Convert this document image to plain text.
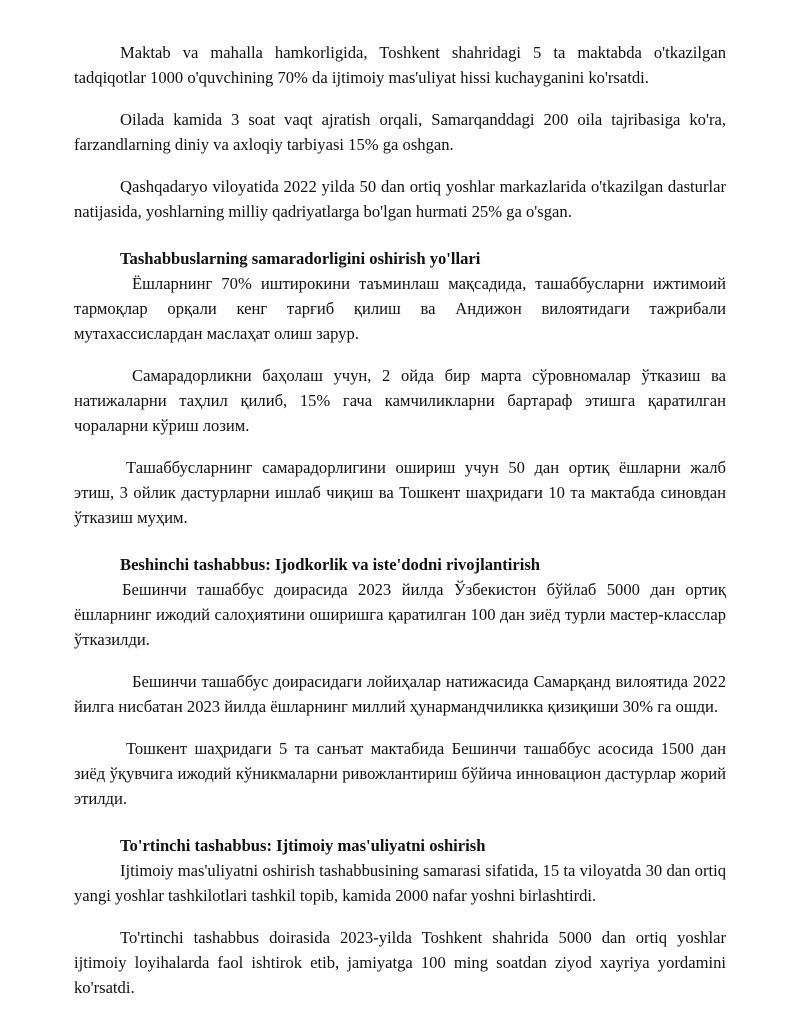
Maktab va mahalla hamkorligida, Toshkent shahridagi 5 ta maktabda o'tkazilgan tadqiqotlar 1000 o'quvchining 70% da ijtimoiy mas'uliyat hissi kuchayganini ko'rsatdi.

Oilada kamida 3 soat vaqt ajratish orqali, Samarqanddagi 200 oila tajribasiga ko'ra, farzandlarning diniy va axloqiy tarbiyasi 15% ga oshgan.

Qashqadaryo viloyatida 2022 yilda 50 dan ortiq yoshlar markazlarida o'tkazilgan dasturlar natijasida, yoshlarning milliy qadriyatlarga bo'lgan hurmati 25% ga o'sgan.

Tashabbuslarning samaradorligini oshirish yo'llari

Ёшларнинг 70% иштирокини таъминлаш мақсадида, ташаббусларни ижтимоий тармоқлар орқали кенг тарғиб қилиш ва Андижон вилоятидаги тажрибали мутахассислардан маслаҳат олиш зарур.

Самарадорликни баҳолаш учун, 2 ойда бир марта сўровномалар ўтказиш ва натижаларни таҳлил қилиб, 15% гача камчиликларни бартараф этишга қаратилган чораларни кўриш лозим.

Ташаббусларнинг самарадорлигини ошириш учун 50 дан ортиқ ёшларни жалб этиш, 3 ойлик дастурларни ишлаб чиқиш ва Тошкент шаҳридаги 10 та мактабда синовдан ўтказиш муҳим.

Beshinchi tashabbus: Ijodkorlik va iste'dodni rivojlantirish

Бешинчи ташаббус доирасида 2023 йилда Ўзбекистон бўйлаб 5000 дан ортиқ ёшларнинг ижодий салоҳиятини оширишга қаратилган 100 дан зиёд турли мастер-класслар ўтказилди.

Бешинчи ташаббус доирасидаги лойиҳалар натижасида Самарқанд вилоятида 2022 йилга нисбатан 2023 йилда ёшларнинг миллий ҳунармандчиликка қизиқиши 30% га ошди.

Тошкент шаҳридаги 5 та санъат мактабида Бешинчи ташаббус асосида 1500 дан зиёд ўқувчига ижодий кўникмаларни ривожлантириш бўйича инновацион дастурлар жорий этилди.

To'rtinchi tashabbus: Ijtimoiy mas'uliyatni oshirish

Ijtimoiy mas'uliyatni oshirish tashabbusining samarasi sifatida, 15 ta viloyatda 30 dan ortiq yangi yoshlar tashkilotlari tashkil topib, kamida 2000 nafar yoshni birlashtirdi.

To'rtinchi tashabbus doirasida 2023-yilda Toshkent shahrida 5000 dan ortiq yoshlar ijtimoiy loyihalarda faol ishtirok etib, jamiyatga 100 ming soatdan ziyod xayriya yordamini ko'rsatdi.
